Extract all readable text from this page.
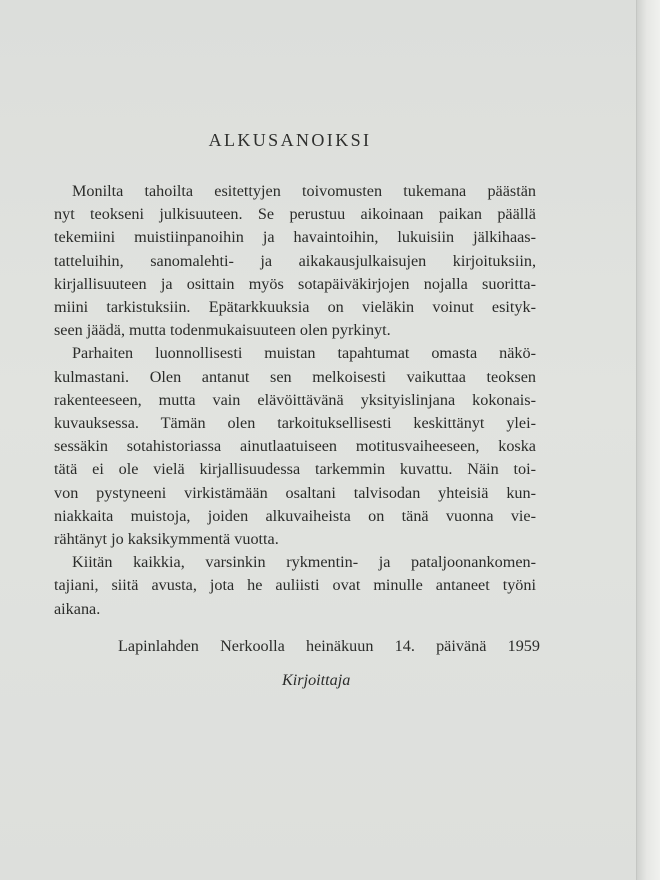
ALKUSANOIKSI

Monilta tahoilta esitettyjen toivomusten tukemana päästän
nyt teokseni julkisuuteen. Se perustuu aikoinaan paikan päällä
tekemiini muistiinpanoihin ja havaintoihin, lukuisiin jälkihaas-
tatteluihin, sanomalehti- ja aikakausjulkaisujen kirjoituksiin,
kirjallisuuteen ja osittain myös sotapäiväkirjojen nojalla suoritta-
miini tarkistuksiin. Epätarkkuuksia on vieläkin voinut esityk-
seen jäädä, mutta todenmukaisuuteen olen pyrkinyt.

Parhaiten luonnollisesti muistan tapahtumat omasta näkö-
kulmastani. Olen antanut sen melkoisesti vaikuttaa teoksen
rakenteeseen, mutta vain elävöittävänä yksityislinjana kokonais-
kuvauksessa. Tämän olen tarkoituksellisesti keskittänyt ylei-
sessäkin sotahistoriassa ainutlaatuiseen motitusvaiheeseen, koska
tätä ei ole vielä kirjallisuudessa tarkemmin kuvattu. Näin toi-
von pystyneeni virkistämään osaltani talvisodan yhteisiä kun-
niakkaita muistoja, joiden alkuvaiheista on tänä vuonna vie-
rähtänyt jo kaksikymmentä vuotta.

Kiitän kaikkia, varsinkin rykmentin- ja pataljoonankomen-
tajiani, siitä avusta, jota he auliisti ovat minulle antaneet työni
aikana.

Lapinlahden Nerkoolla heinäkuun 14. päivänä 1959
Kirjoittaja
